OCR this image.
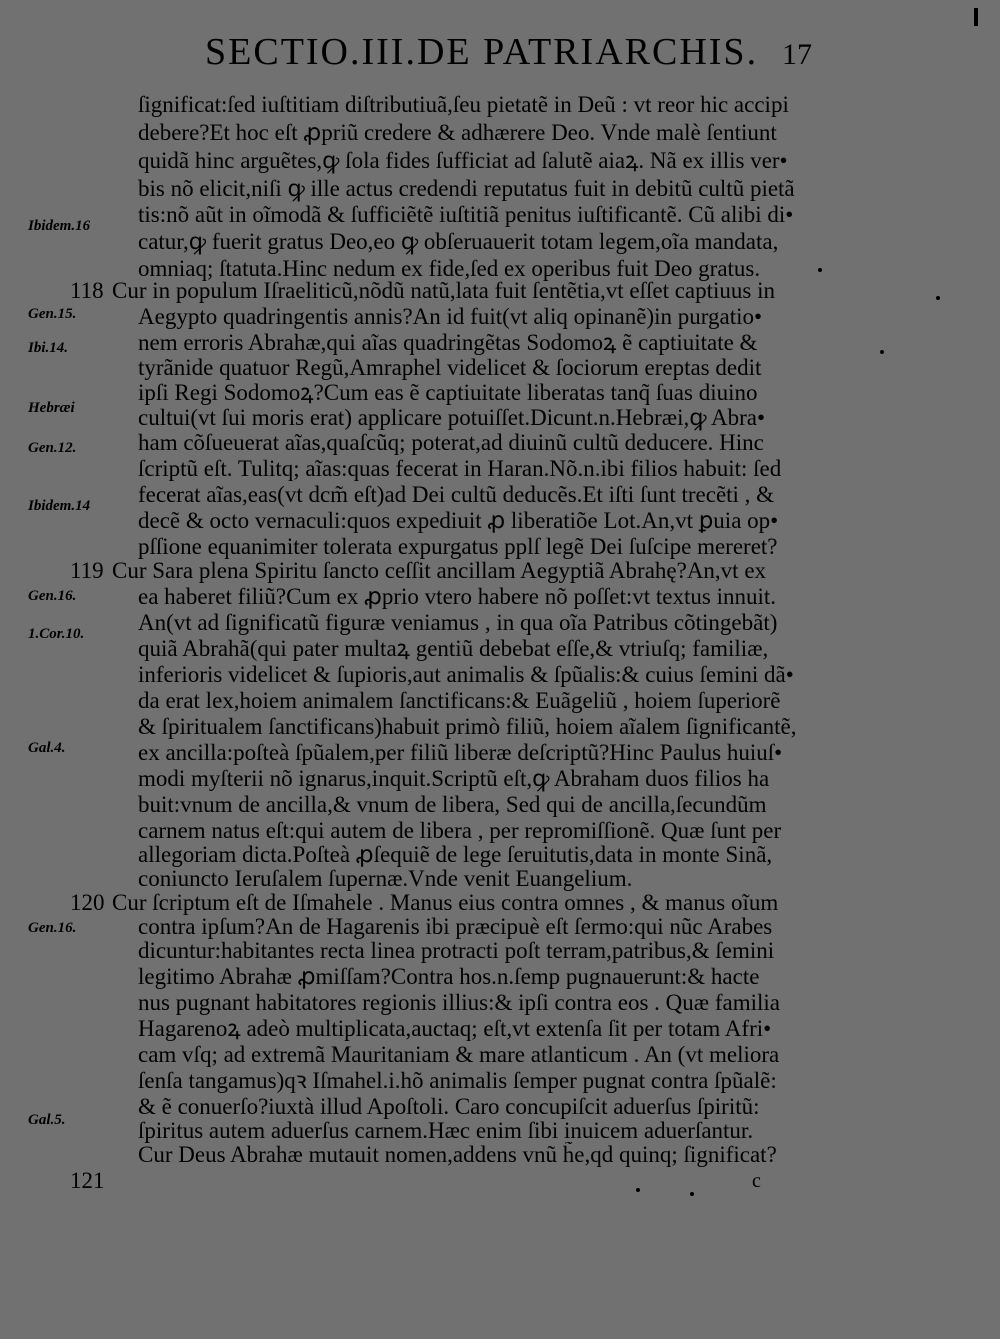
SECTIO.III.DE PATRIARCHIS. 17
ſignificat:ſed iuſtitiam diſtributiuã,ſeu pietatẽ in Deũ : vt reor hic accipi
debere?Et hoc eſt ꝓpriũ credere & adhærere Deo. Vnde malè ſentiunt
quidã hinc arguẽtes,ꝙ ſola fides ſufficiat ad ſalutẽ aiaꝝ. Nã ex illis ver•
bis nõ elicit,niſi ꝙ ille actus credendi reputatus fuit in debitũ cultũ pietã
tis:nõ aũt in oĩmodã & ſufficiẽtẽ iuſtitiã penitus iuſtificantẽ. Cũ alibi di•
catur,ꝙ fuerit gratus Deo,eo ꝙ obſeruauerit totam legem,oĩa mandata,
omniaq; ſtatuta.Hinc nedum ex fide,ſed ex operibus fuit Deo gratus.
Cur in populum Iſraeliticũ,nõdũ natũ,lata fuit ſentẽtia,vt eſſet captiuus in
Aegypto quadringentis annis?An id fuit(vt aliq opinanẽ)in purgatio•
nem erroris Abrahæ,qui aĩas quadringẽtas Sodomoꝝ ẽ captiuitate &
tyrãnide quatuor Regũ,Amraphel videlicet & ſociorum ereptas dedit
ipſi Regi Sodomoꝝ?Cum eas ẽ captiuitate liberatas tanq̃ ſuas diuino
cultui(vt ſui moris erat) applicare potuiſſet.Dicunt.n.Hebræi,ꝙ Abra•
ham cõſueuerat aĩas,quaſcũq; poterat,ad diuinũ cultũ deducere. Hinc
ſcriptũ eſt. Tulitq; aĩas:quas fecerat in Haran.Nõ.n.ibi filios habuit: ſed
fecerat aĩas,eas(vt dcm̃ eſt)ad Dei cultũ deducẽs.Et iſti ſunt trecẽti , &
decẽ & octo vernaculi:quos expediuit ꝓ liberatiõe Lot.An,vt ꝑuia op•
pſſione equanimiter tolerata expurgatus pplſ legẽ Dei ſuſcipe mereret?
Cur Sara plena Spiritu ſancto ceſſit ancillam Aegyptiã Abrahę?An,vt ex
ea haberet filiũ?Cum ex ꝓprio vtero habere nõ poſſet:vt textus innuit.
An(vt ad ſignificatũ figuræ veniamus , in qua oĩa Patribus cõtingebãt)
quiã Abrahã(qui pater multaꝝ gentiũ debebat eſſe,& vtriuſq; familiæ,
inferioris videlicet & ſupioris,aut animalis & ſpũalis:& cuius ſemini dã•
da erat lex,hoiem animalem ſanctificans:& Euãgeliũ , hoiem ſuperiorẽ
& ſpiritualem ſanctificans)habuit primò filiũ, hoiem aĩalem ſignificantẽ,
ex ancilla:poſteà ſpũalem,per filiũ liberæ deſcriptũ?Hinc Paulus huiuſ•
modi myſterii nõ ignarus,inquit.Scriptũ eſt,ꝙ Abraham duos filios ha
buit:vnum de ancilla,& vnum de libera, Sed qui de ancilla,ſecundũm
carnem natus eſt:qui autem de libera , per repromiſſionẽ. Quæ ſunt per
allegoriam dicta.Poſteà ꝓſequiẽ de lege ſeruitutis,data in monte Sinã,
coniuncto Ieruſalem ſupernæ.Vnde venit Euangelium.
Cur ſcriptum eſt de Iſmahele . Manus eius contra omnes , & manus oĩum
contra ipſum?An de Hagarenis ibi præcipuè eſt ſermo:qui nũc Arabes
dicuntur:habitantes recta linea protracti poſt terram,patribus,& ſemini
legitimo Abrahæ ꝓmiſſam?Contra hos.n.ſemp pugnauerunt:& hacte
nus pugnant habitatores regionis illius:& ipſi contra eos . Quæ familia
Hagarenoꝝ adeò multiplicata,auctaq; eſt,vt extenſa ſit per totam Afri•
cam vſq; ad extremã Mauritaniam & mare atlanticum . An (vt meliora
ſenſa tangamus)qꝛ Iſmahel.i.hõ animalis ſemper pugnat contra ſpũalẽ:
& ẽ conuerſo?iuxtà illud Apoſtoli. Caro concupiſcit aduerſus ſpiritũ:
ſpiritus autem aduerſus carnem.Hæc enim ſibi inuicem aduerſantur.
Cur Deus Abrahæ mutauit nomen,addens vnũ h̃e,qd quinq; ſignificat?
118
119
120
121
Ibidem.16
Gen.15.
Ibi.14.
Hebræi
Gen.12.
Ibidem.14
Gen.16.
1.Cor.10.
Gal.4.
Gen.16.
Gal.5.
c
